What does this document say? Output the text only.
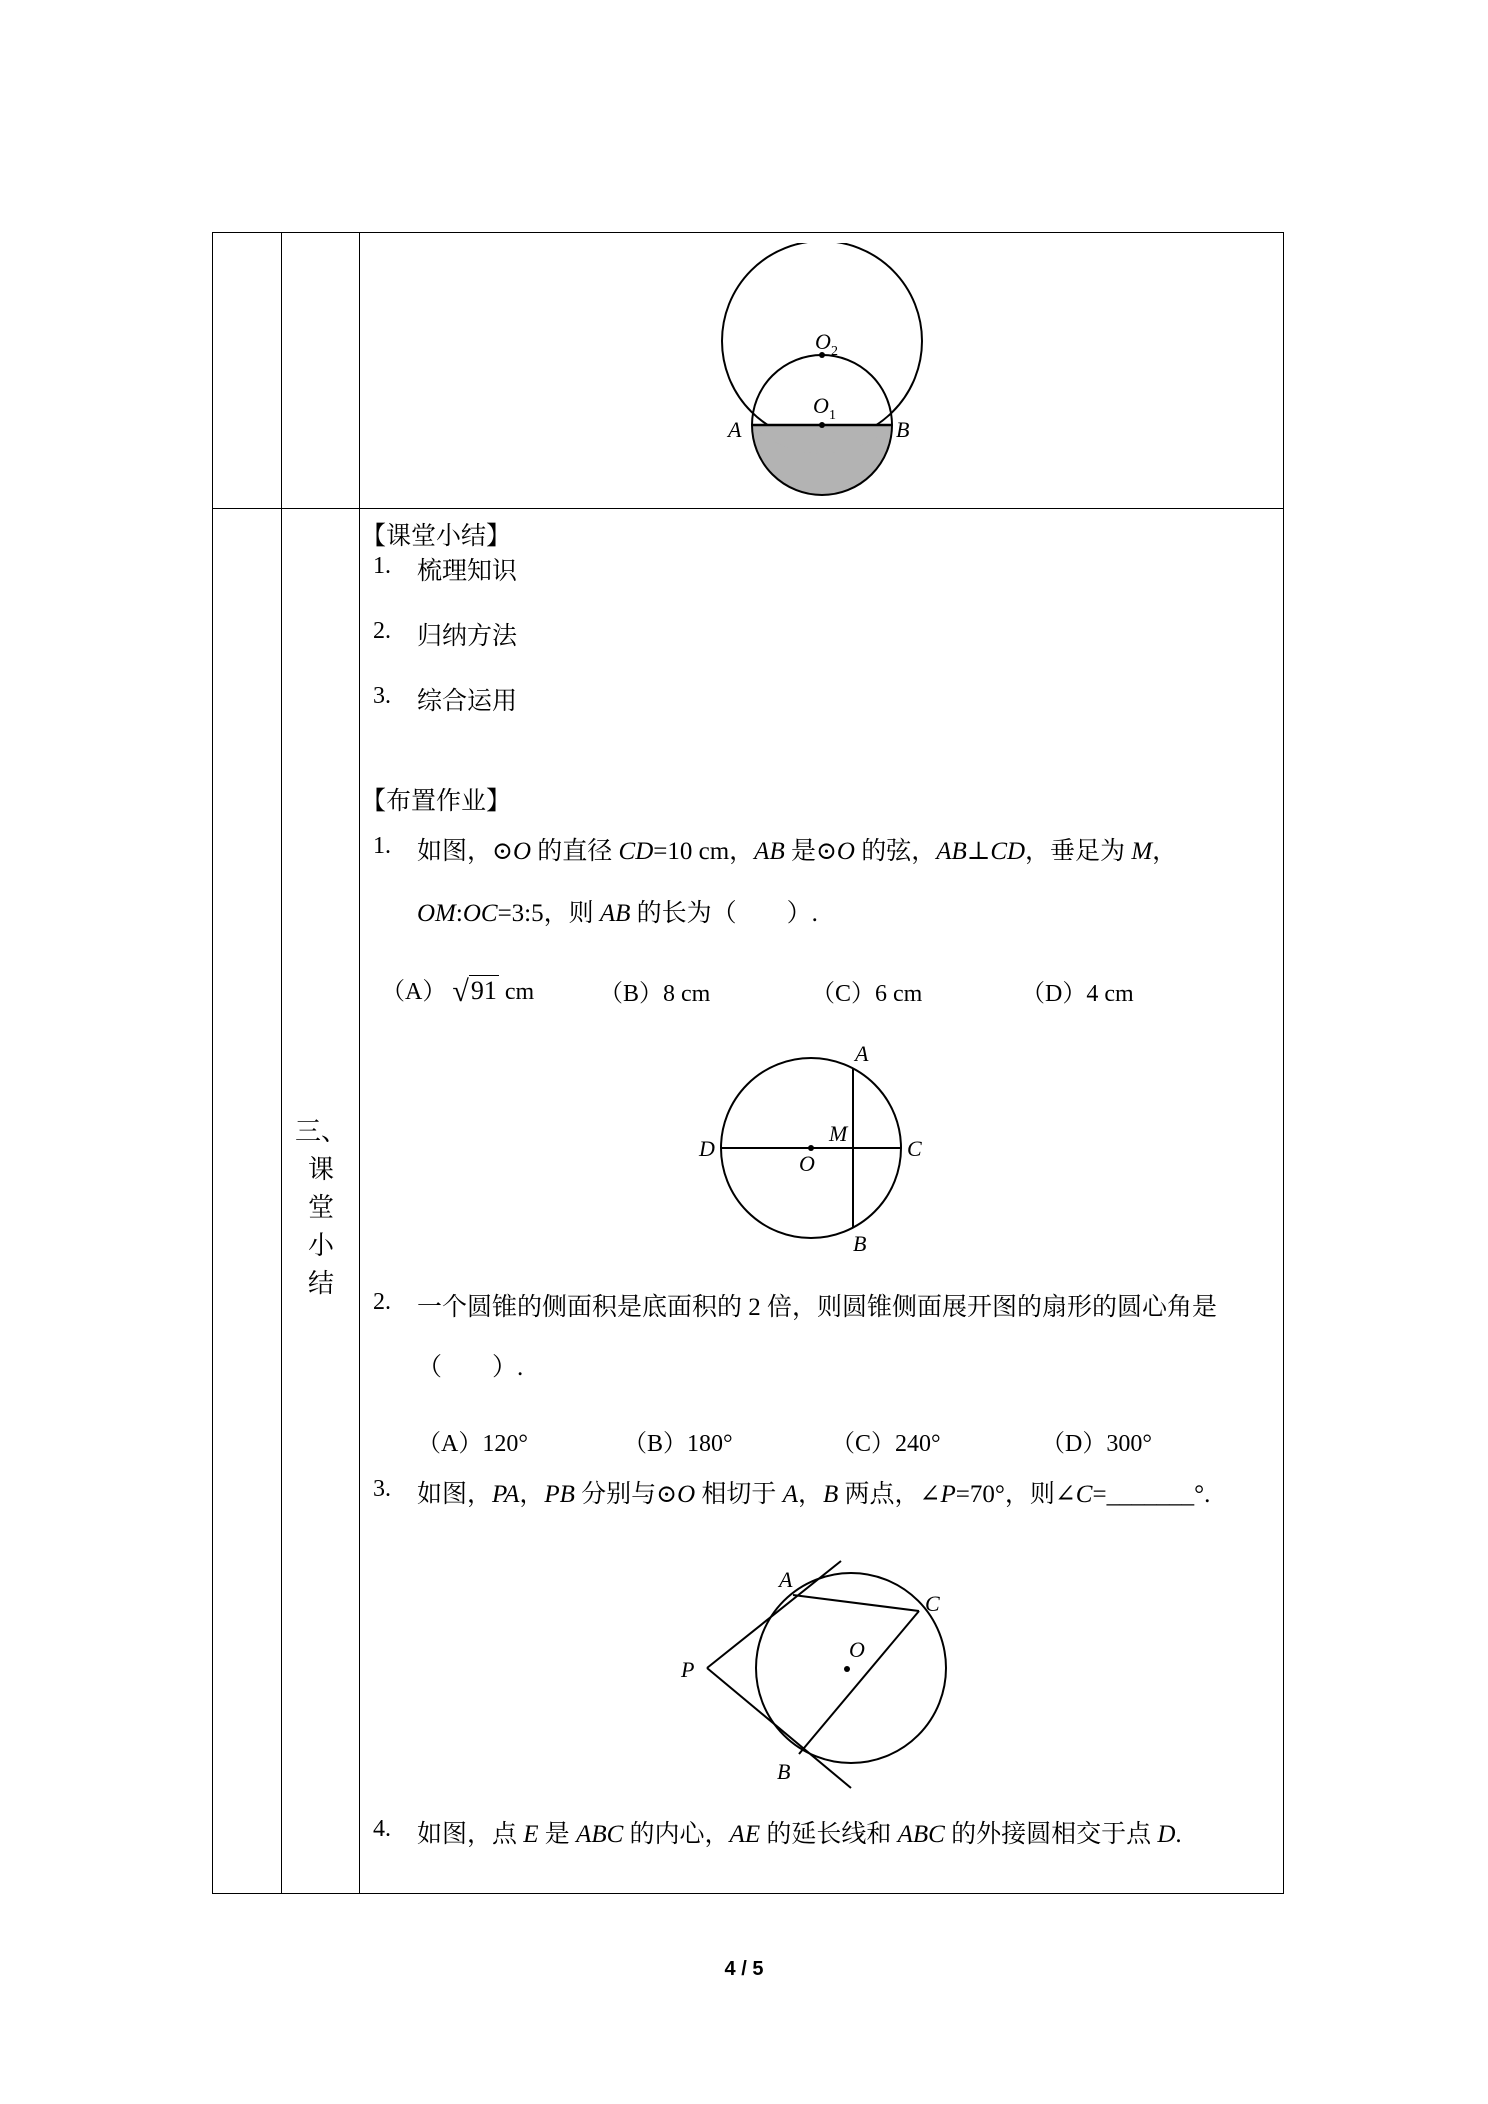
三、
课
堂
小
结
O 2
O 1
A	B
【课堂小结】
1. 梳理知识
2. 归纳方法
3. 综合运用
【布置作业】
1. 如图，⊙O 的直径 CD=10 cm，AB 是⊙O 的弦，AB⊥CD，垂足为 M，
OM:OC=3:5，则 AB 的长为（　　）.
（A） √91 cm	（B）8 cm	（C）6 cm	（D）4 cm
A
B
C
D
M
O
2. 一个圆锥的侧面积是底面积的 2 倍，则圆锥侧面展开图的扇形的圆心角是
（　　）.
（A）120°	（B）180°	（C）240°	（D）300°
3. 如图，PA，PB 分别与⊙O 相切于 A，B 两点，∠P=70°，则∠C=_______°.
A
B
C
O
P
4. 如图，点 E 是 ABC 的内心，AE 的延长线和 ABC 的外接圆相交于点 D.
4 / 5
